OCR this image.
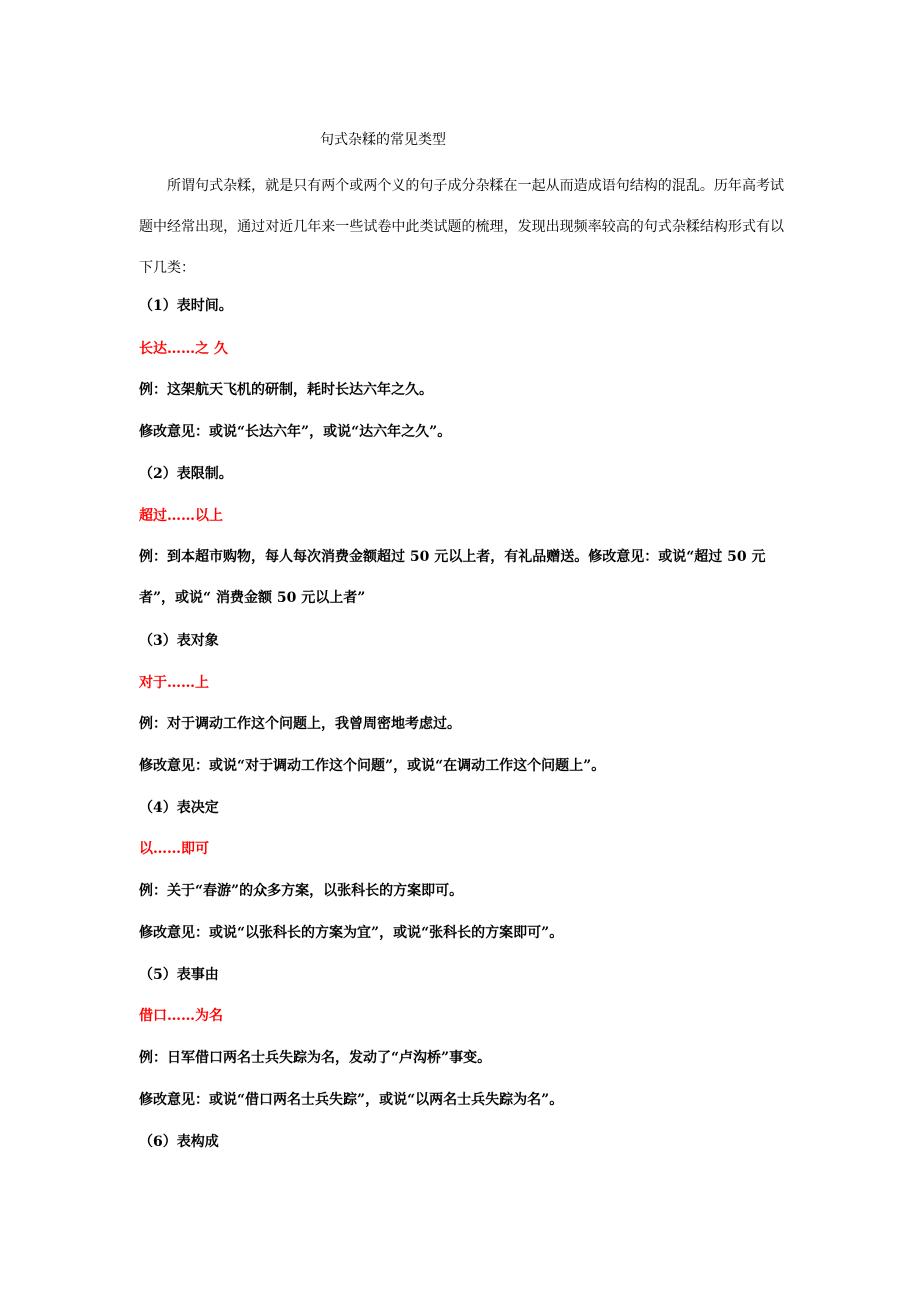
句式杂糅的常见类型

所谓句式杂糅，就是只有两个或两个义的句子成分杂糅在一起从而造成语句结构的混乱。历年高考试题中经常出现，通过对近几年来一些试卷中此类试题的梳理，发现出现频率较高的句式杂糅结构形式有以下几类：

（1）表时间。
长达……之 久
例：这架航天飞机的研制，耗时长达六年之久。
修改意见：或说“长达六年”，或说“达六年之久”。
（2）表限制。
超过……以上
例：到本超市购物，每人每次消费金额超过 50 元以上者，有礼品赠送。修改意见：或说“超过 50 元者”，或说“ 消费金额 50 元以上者”
（3）表对象
对于……上
例：对于调动工作这个问题上，我曾周密地考虑过。
修改意见：或说“对于调动工作这个问题”，或说“在调动工作这个问题上”。
（4）表决定
以……即可
例：关于“春游”的众多方案，以张科长的方案即可。
修改意见：或说“以张科长的方案为宜”，或说“张科长的方案即可”。
（5）表事由
借口……为名
例：日军借口两名士兵失踪为名，发动了“卢沟桥”事变。
修改意见：或说“借口两名士兵失踪”，或说“以两名士兵失踪为名”。
（6）表构成
